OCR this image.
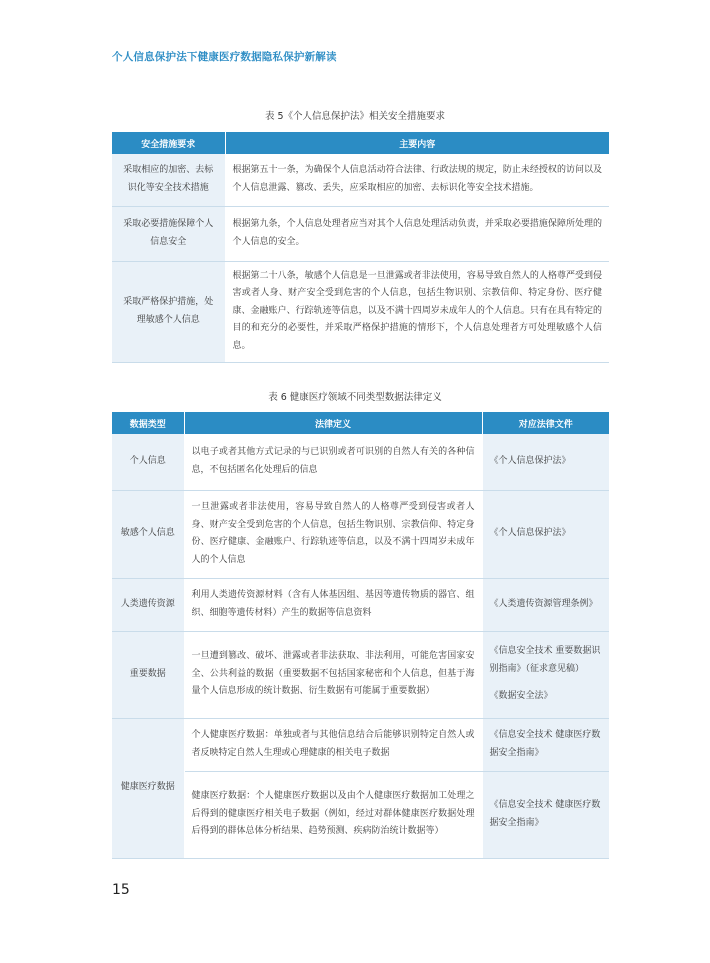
个人信息保护法下健康医疗数据隐私保护新解读
表 5《个人信息保护法》相关安全措施要求
安全措施要求	主要内容
采取相应的加密、去标识化等安全技术措施	根据第五十一条，为确保个人信息活动符合法律、行政法规的规定，防止未经授权的访问以及个人信息泄露、篡改、丢失，应采取相应的加密、去标识化等安全技术措施。
采取必要措施保障个人信息安全	根据第九条，个人信息处理者应当对其个人信息处理活动负责，并采取必要措施保障所处理的个人信息的安全。
采取严格保护措施，处理敏感个人信息	根据第二十八条，敏感个人信息是一旦泄露或者非法使用，容易导致自然人的人格尊严受到侵害或者人身、财产安全受到危害的个人信息，包括生物识别、宗教信仰、特定身份、医疗健康、金融账户、行踪轨迹等信息，以及不满十四周岁未成年人的个人信息。只有在具有特定的目的和充分的必要性，并采取严格保护措施的情形下，个人信息处理者方可处理敏感个人信息。
表 6 健康医疗领域不同类型数据法律定义
数据类型	法律定义	对应法律文件
个人信息	以电子或者其他方式记录的与已识别或者可识别的自然人有关的各种信息，不包括匿名化处理后的信息	《个人信息保护法》
敏感个人信息	一旦泄露或者非法使用，容易导致自然人的人格尊严受到侵害或者人身、财产安全受到危害的个人信息，包括生物识别、宗教信仰、特定身份、医疗健康、金融账户、行踪轨迹等信息，以及不满十四周岁未成年人的个人信息	《个人信息保护法》
人类遗传资源	利用人类遗传资源材料（含有人体基因组、基因等遗传物质的器官、组织、细胞等遗传材料）产生的数据等信息资料	《人类遗传资源管理条例》
重要数据	一旦遭到篡改、破坏、泄露或者非法获取、非法利用，可能危害国家安全、公共利益的数据（重要数据不包括国家秘密和个人信息，但基于海量个人信息形成的统计数据、衍生数据有可能属于重要数据）	《信息安全技术 重要数据识别指南》（征求意见稿）
《数据安全法》
健康医疗数据	个人健康医疗数据：单独或者与其他信息结合后能够识别特定自然人或者反映特定自然人生理或心理健康的相关电子数据	《信息安全技术 健康医疗数据安全指南》
	健康医疗数据：个人健康医疗数据以及由个人健康医疗数据加工处理之后得到的健康医疗相关电子数据（例如，经过对群体健康医疗数据处理后得到的群体总体分析结果、趋势预测、疾病防治统计数据等）	《信息安全技术 健康医疗数据安全指南》
15
